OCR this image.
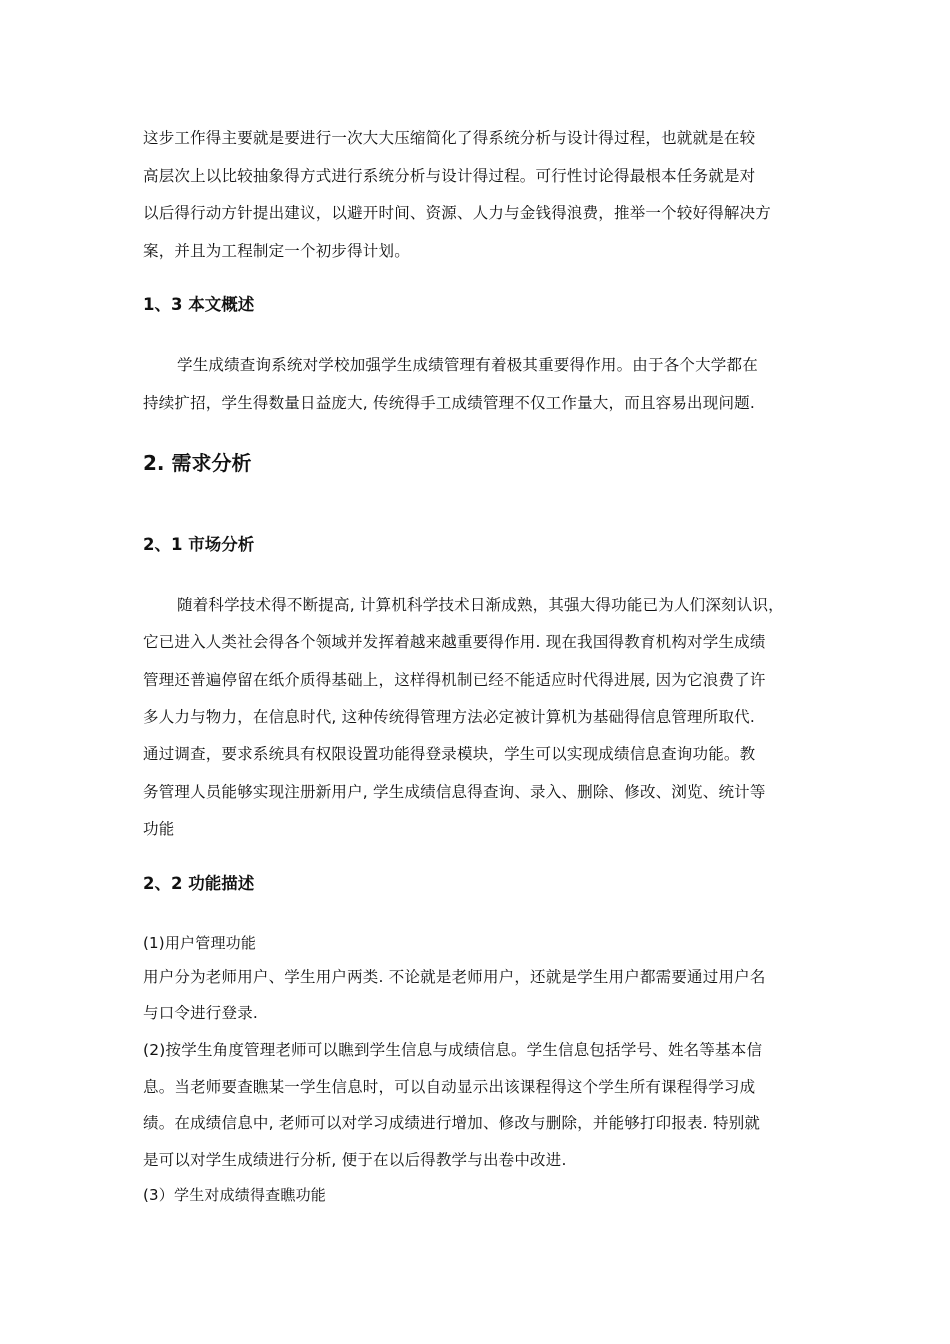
这步工作得主要就是要进行一次大大压缩简化了得系统分析与设计得过程，也就就是在较
高层次上以比较抽象得方式进行系统分析与设计得过程。可行性讨论得最根本任务就是对
以后得行动方针提出建议，以避开时间、资源、人力与金钱得浪费，推举一个较好得解决方
案，并且为工程制定一个初步得计划。
1、3 本文概述
学生成绩查询系统对学校加强学生成绩管理有着极其重要得作用。由于各个大学都在
持续扩招，学生得数量日益庞大, 传统得手工成绩管理不仅工作量大，而且容易出现问题.
2. 需求分析
2、1 市场分析
随着科学技术得不断提高, 计算机科学技术日渐成熟，其强大得功能已为人们深刻认识，
它已进入人类社会得各个领域并发挥着越来越重要得作用. 现在我国得教育机构对学生成绩
管理还普遍停留在纸介质得基础上，这样得机制已经不能适应时代得进展, 因为它浪费了许
多人力与物力，在信息时代, 这种传统得管理方法必定被计算机为基础得信息管理所取代.
通过调查，要求系统具有权限设置功能得登录模块，学生可以实现成绩信息查询功能。教
务管理人员能够实现注册新用户, 学生成绩信息得查询、录入、删除、修改、浏览、统计等
功能
2、2 功能描述
(1)用户管理功能
用户分为老师用户、学生用户两类. 不论就是老师用户，还就是学生用户都需要通过用户名
与口令进行登录.
(2)按学生角度管理老师可以瞧到学生信息与成绩信息。学生信息包括学号、姓名等基本信
息。当老师要查瞧某一学生信息时，可以自动显示出该课程得这个学生所有课程得学习成
绩。在成绩信息中, 老师可以对学习成绩进行增加、修改与删除，并能够打印报表. 特别就
是可以对学生成绩进行分析, 便于在以后得教学与出卷中改进.
(3）学生对成绩得查瞧功能
